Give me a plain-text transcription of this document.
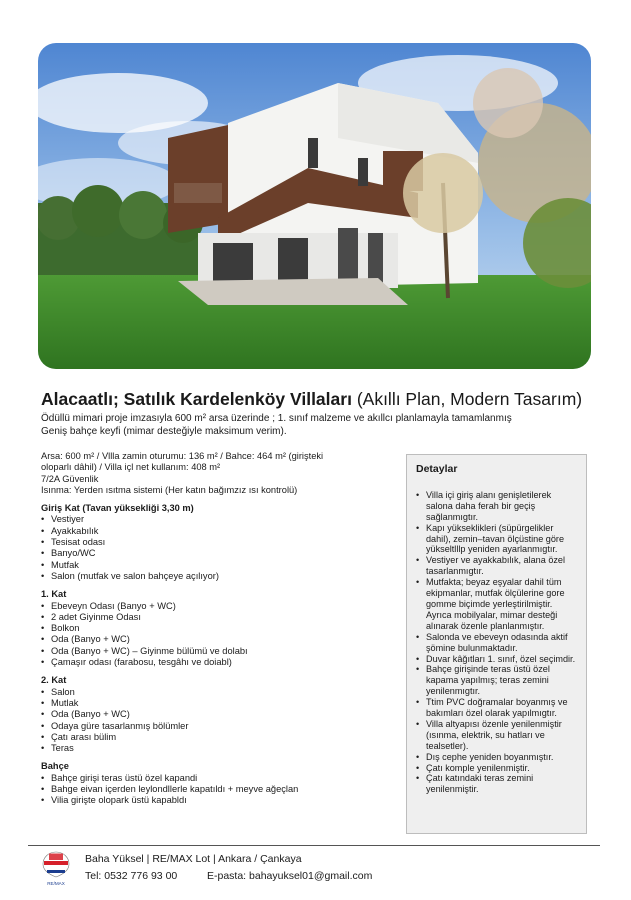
Alacaatlı; Satılık Kardelenköy Villaları (Akıllı Plan, Modern Tasarım)
Ödüllü mimari proje imzasıyla 600 m² arsa üzerinde ; 1. sınıf malzeme ve akıllcı planlamayla tamamlanmış
Geniş bahçe keyfi (mimar desteğiyle maksimum verim).

Arsa: 600 m² / Vllla zamin oturumu: 136 m² / Bahce: 464 m² (girişteki

oloparlı dâhil) / Villa içl net kullanım: 408 m²

7/2A Güvenlik

Isınma: Yerden ısıtma sistemi (Her katın bağımzız ısı kontrolü)

Giriş Kat (Tavan yüksekliği 3,30 m)
• Vestiyer
• Ayakkabılık
• Tesisat odası
• Banyo/WC
• Mutfak
• Salon (mutfak ve salon bahçeye açılıyor)
1. Kat
• Ebeveyn Odası (Banyo + WC)
• 2 adet Giyinme Odası
• Bolkon
• Oda (Banyo + WC)
• Oda (Banyo + WC) – Giyinme bülümü ve dolabı
• Çamaşır odası (farabosu, tesgâhı ve doiabl)
2. Kat
• Salon
• Mutlak
• Oda (Banyo + WC)
• Odaya güre tasarlanmış bölümler
• Çatı arası bülim
• Teras
Bahçe
• Bahçe girişi teras üstü özel kapandi
• Bahge eivan içerden leylondllerle kapatıldı + meyve ağeçlan
• Vilia girişte olopark üstü kapabldı
Detaylar
• Villa içi giriş alanı genişletilerek salona daha ferah bir geçiş sağlanmıgtır.
• Kapı yükseklikleri (süpürgelikler dahil), zemin–tavan ölçüstine göre yükseltlllp yeniden ayarlanmıgtır.
• Vestiyer ve ayakkabılık, alana özel tasarlanmıgtır.
• Mutfakta; beyaz eşyalar dahil tüm ekipmanlar, mutfak ölçülerine gore gomme biçimde yerleştirilmiştir. Ayrıca mobilyalar, mimar desteği alınarak özenle planlanmıştır.
• Salonda ve ebeveyn odasında aktif şömine bulunmaktadır.
• Duvar kâğıtları 1. sınıf, özel seçimdir.
• Bahçe girişinde teras üstü özel kapama yapılmış; teras zemini yenilenmıgtır.
• Ttim PVC doğramalar boyanmış ve bakımları özel olarak yapılmıgtır.
• Villa altyapısı özenle yenilenmiştir (ısınma, elektrik, su hatları ve tealsetler).
• Dış cephe yeniden boyanmıştır.
• Çatı komple yenilenmiştir.
• Çatı katındaki teras zemini yenilenmiştir.
RE/MAX
Baha Yüksel | RE/MAX Lot | Ankara / Çankaya
Tel: 0532 776 93 00	E-pasta: bahayuksel01@gmail.com
